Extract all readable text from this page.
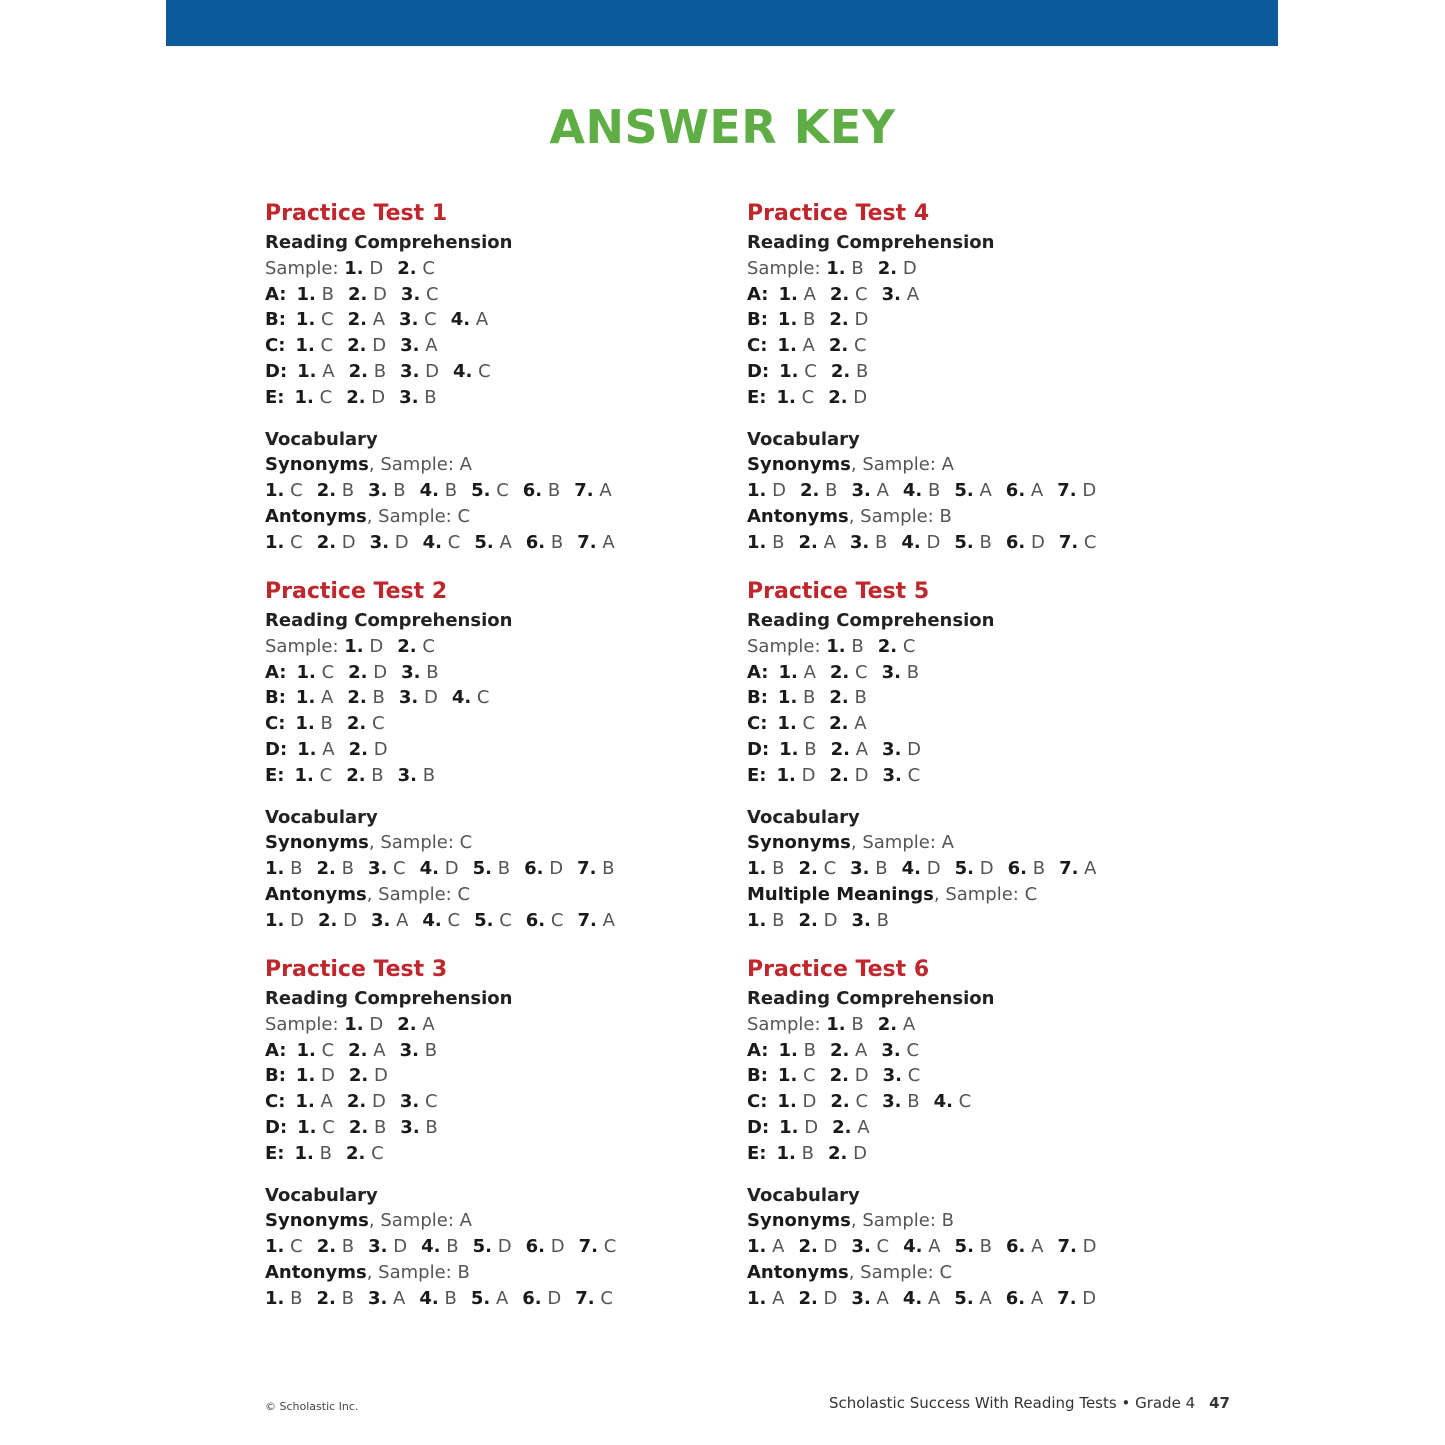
ANSWER KEY
Practice Test 1
Reading Comprehension
Sample: 1. D 2. C
A: 1. B 2. D 3. C
B: 1. C 2. A 3. C 4. A
C: 1. C 2. D 3. A
D: 1. A 2. B 3. D 4. C
E: 1. C 2. D 3. B
Vocabulary
Synonyms, Sample: A
1. C 2. B 3. B 4. B 5. C 6. B 7. A
Antonyms, Sample: C
1. C 2. D 3. D 4. C 5. A 6. B 7. A
Practice Test 2
Reading Comprehension
Sample: 1. D 2. C
A: 1. C 2. D 3. B
B: 1. A 2. B 3. D 4. C
C: 1. B 2. C
D: 1. A 2. D
E: 1. C 2. B 3. B
Vocabulary
Synonyms, Sample: C
1. B 2. B 3. C 4. D 5. B 6. D 7. B
Antonyms, Sample: C
1. D 2. D 3. A 4. C 5. C 6. C 7. A
Practice Test 3
Reading Comprehension
Sample: 1. D 2. A
A: 1. C 2. A 3. B
B: 1. D 2. D
C: 1. A 2. D 3. C
D: 1. C 2. B 3. B
E: 1. B 2. C
Vocabulary
Synonyms, Sample: A
1. C 2. B 3. D 4. B 5. D 6. D 7. C
Antonyms, Sample: B
1. B 2. B 3. A 4. B 5. A 6. D 7. C
Practice Test 4
Reading Comprehension
Sample: 1. B 2. D
A: 1. A 2. C 3. A
B: 1. B 2. D
C: 1. A 2. C
D: 1. C 2. B
E: 1. C 2. D
Vocabulary
Synonyms, Sample: A
1. D 2. B 3. A 4. B 5. A 6. A 7. D
Antonyms, Sample: B
1. B 2. A 3. B 4. D 5. B 6. D 7. C
Practice Test 5
Reading Comprehension
Sample: 1. B 2. C
A: 1. A 2. C 3. B
B: 1. B 2. B
C: 1. C 2. A
D: 1. B 2. A 3. D
E: 1. D 2. D 3. C
Vocabulary
Synonyms, Sample: A
1. B 2. C 3. B 4. D 5. D 6. B 7. A
Multiple Meanings, Sample: C
1. B 2. D 3. B
Practice Test 6
Reading Comprehension
Sample: 1. B 2. A
A: 1. B 2. A 3. C
B: 1. C 2. D 3. C
C: 1. D 2. C 3. B 4. C
D: 1. D 2. A
E: 1. B 2. D
Vocabulary
Synonyms, Sample: B
1. A 2. D 3. C 4. A 5. B 6. A 7. D
Antonyms, Sample: C
1. A 2. D 3. A 4. A 5. A 6. A 7. D
© Scholastic Inc.	Scholastic Success With Reading Tests • Grade 4 47
